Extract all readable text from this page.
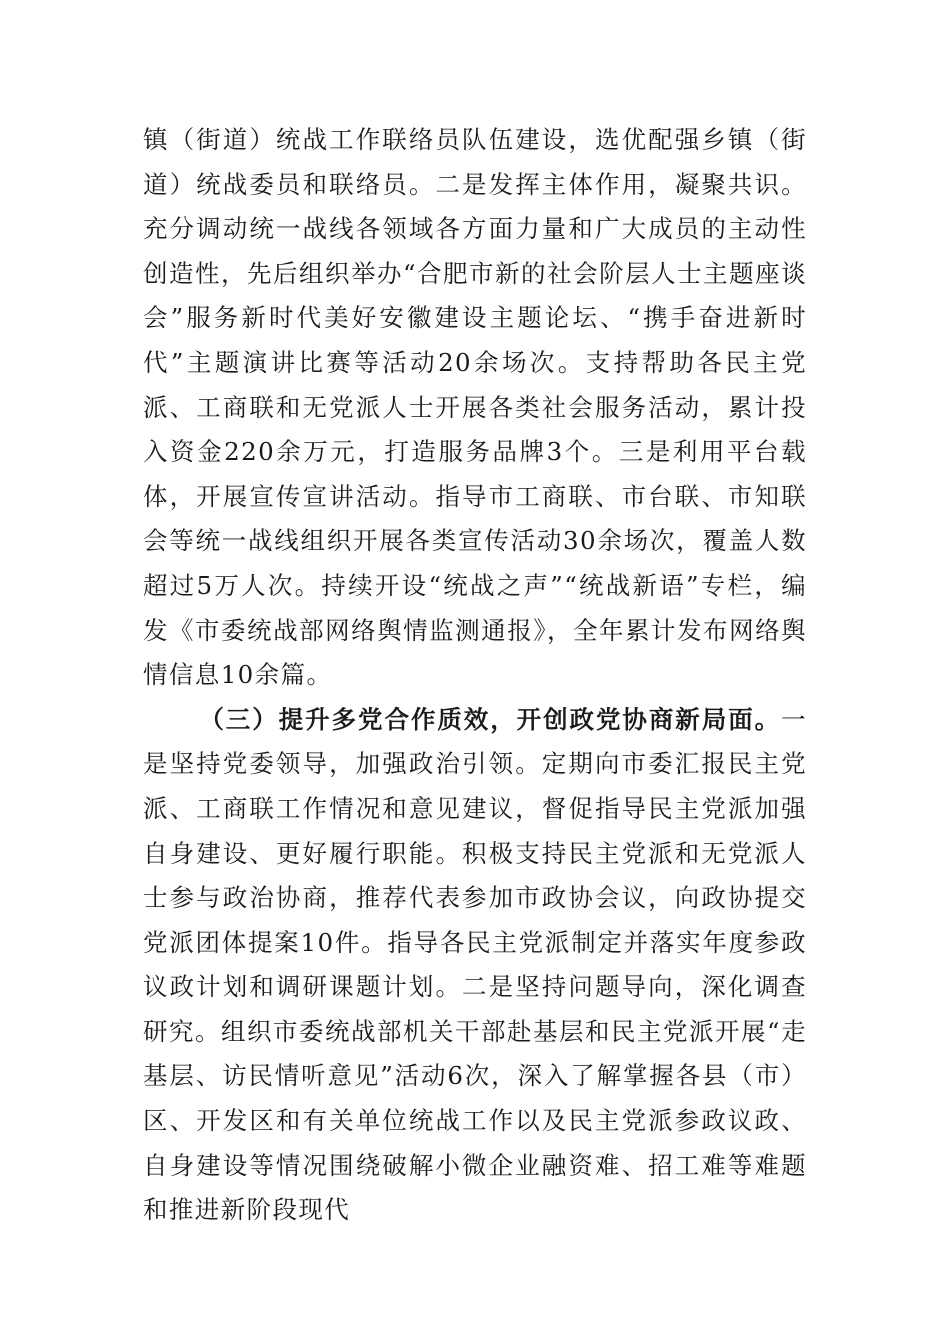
镇（街道）统战工作联络员队伍建设，选优配强乡镇（街道）统战委员和联络员。二是发挥主体作用，凝聚共识。充分调动统一战线各领域各方面力量和广大成员的主动性创造性，先后组织举办“合肥市新的社会阶层人士主题座谈会”服务新时代美好安徽建设主题论坛、“携手奋进新时代”主题演讲比赛等活动20余场次。支持帮助各民主党派、工商联和无党派人士开展各类社会服务活动，累计投入资金220余万元，打造服务品牌3个。三是利用平台载体，开展宣传宣讲活动。指导市工商联、市台联、市知联会等统一战线组织开展各类宣传活动30余场次，覆盖人数超过5万人次。持续开设“统战之声”“统战新语”专栏，编发《市委统战部网络舆情监测通报》，全年累计发布网络舆情信息10余篇。

（三）提升多党合作质效，开创政党协商新局面。一是坚持党委领导，加强政治引领。定期向市委汇报民主党派、工商联工作情况和意见建议，督促指导民主党派加强自身建设、更好履行职能。积极支持民主党派和无党派人士参与政治协商，推荐代表参加市政协会议，向政协提交党派团体提案10件。指导各民主党派制定并落实年度参政议政计划和调研课题计划。二是坚持问题导向，深化调查研究。组织市委统战部机关干部赴基层和民主党派开展“走基层、访民情听意见”活动6次，深入了解掌握各县（市）区、开发区和有关单位统战工作以及民主党派参政议政、自身建设等情况围绕破解小微企业融资难、招工难等难题和推进新阶段现代
